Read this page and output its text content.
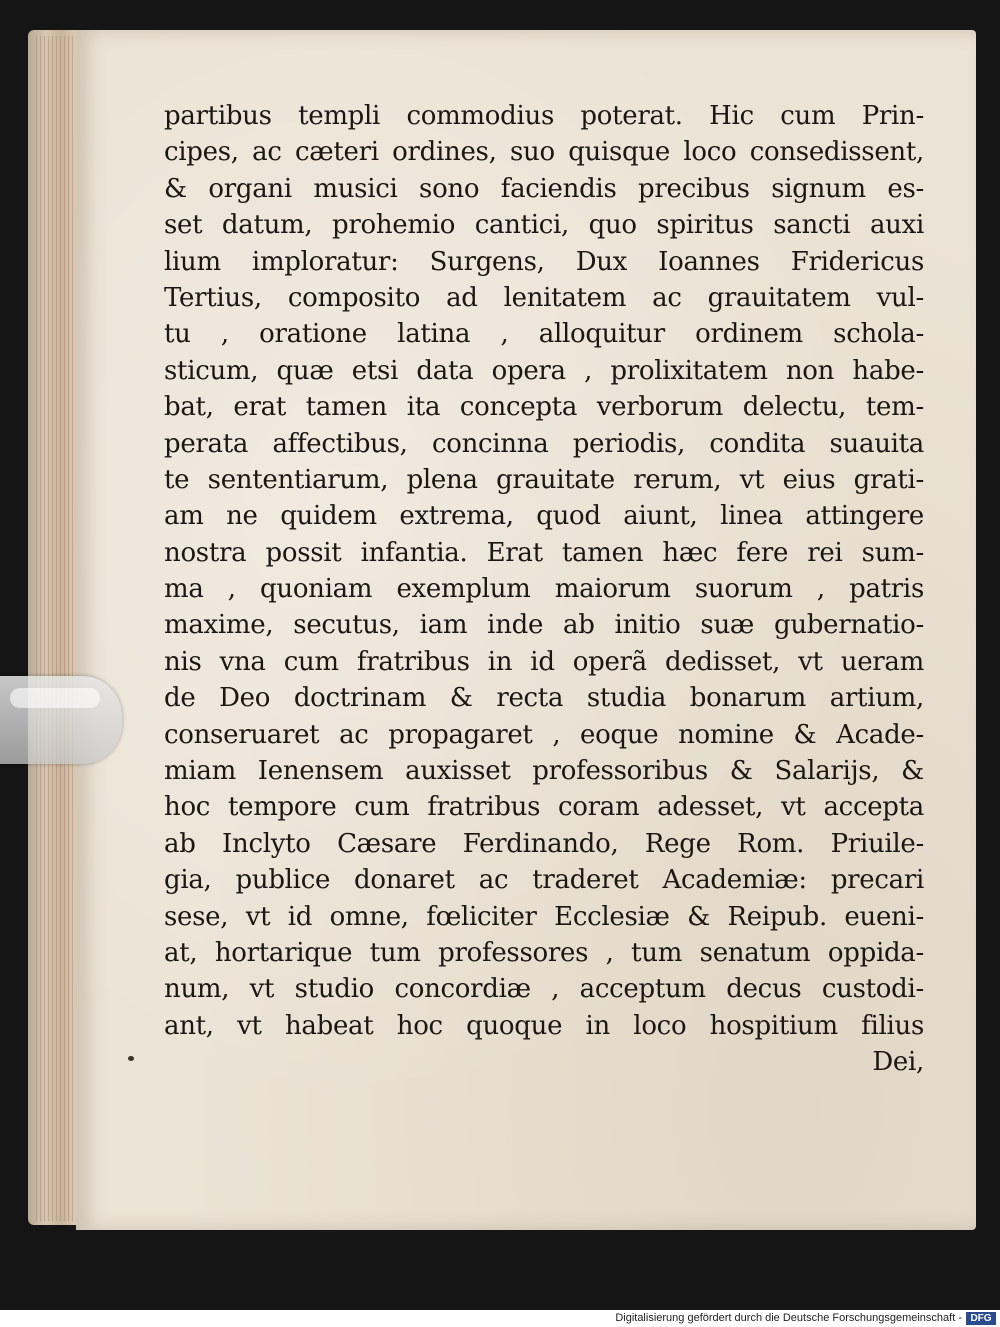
partibus templi commodius poterat. Hic cum Prin-
cipes, ac cæteri ordines, suo quisque loco consedissent,
& organi musici sono faciendis precibus signum es-
set datum, prohemio cantici, quo spiritus sancti auxi
lium imploratur: Surgens, Dux Ioannes Fridericus
Tertius, composito ad lenitatem ac grauitatem vul-
tu , oratione latina , alloquitur ordinem schola-
sticum, quæ etsi data opera , prolixitatem non habe-
bat, erat tamen ita concepta verborum delectu, tem-
perata affectibus, concinna periodis, condita suauita
te sententiarum, plena grauitate rerum, vt eius grati-
am ne quidem extrema, quod aiunt, linea attingere
nostra possit infantia. Erat tamen hæc fere rei sum-
ma , quoniam exemplum maiorum suorum , patris
maxime, secutus, iam inde ab initio suæ gubernatio-
nis vna cum fratribus in id operã dedisset, vt ueram
de Deo doctrinam & recta studia bonarum artium,
conseruaret ac propagaret , eoque nomine & Acade-
miam Ienensem auxisset professoribus & Salarijs, &
hoc tempore cum fratribus coram adesset, vt accepta
ab Inclyto Cæsare Ferdinando, Rege Rom. Priuile-
gia, publice donaret ac traderet Academiæ: precari
sese, vt id omne, fœliciter Ecclesiæ & Reipub. eueni-
at, hortarique tum professores , tum senatum oppida-
num, vt studio concordiæ , acceptum decus custodi-
ant, vt habeat hoc quoque in loco hospitium filius
Dei,
Digitalisierung gefördert durch die Deutsche Forschungsgemeinschaft - DFG
